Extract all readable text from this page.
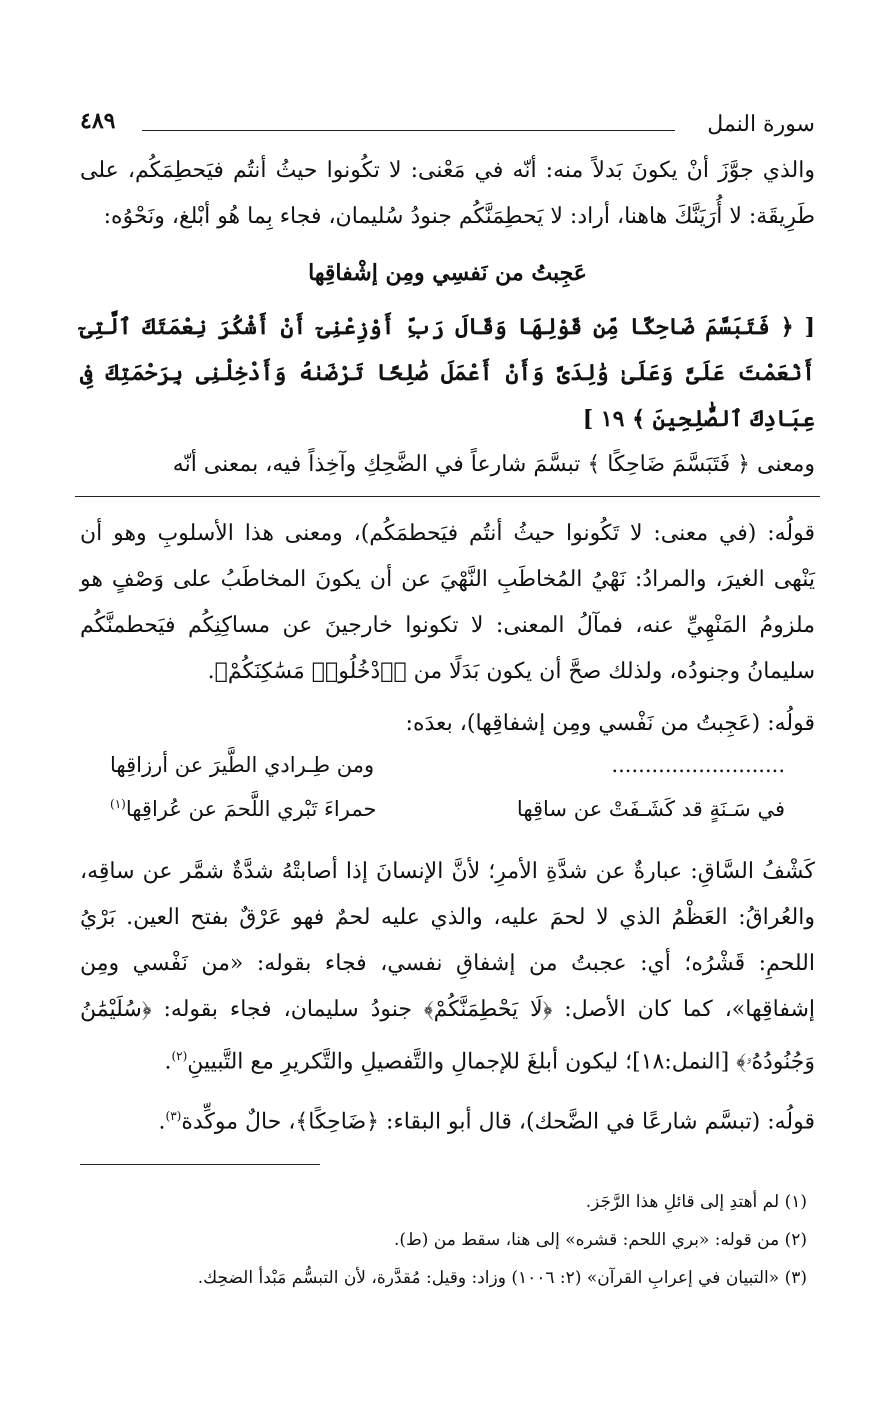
سورة النمل
٤٨٩

والذي جوَّزَ أنْ يكونَ بَدلاً منه: أنّه في مَعْنى: لا تكُونوا حيثُ أنتُم فيَحطِمَكُم، على طَرِيقَة: لا أُرَيَنَّكَ هاهنا، أراد: لا يَحطِمَنَّكُم جنودُ سُليمان، فجاء بِما هُو أبْلغ، ونَحْوُه:

عَجِبتُ من نَفسِي ومِن إشْفاقِها

[ ﴿ فَتَبَسَّمَ ضَاحِكًا مِّن قَوْلِهَا وَقَالَ رَبِّ أَوْزِعْنِىٓ أَنْ أَشْكُرَ نِعْمَتَكَ ٱلَّتِىٓ أَنْعَمْتَ عَلَىَّ وَعَلَىٰ وَٰلِدَىَّ وَأَنْ أَعْمَلَ صَٰلِحًا تَرْضَىٰهُ وَأَدْخِلْنِى بِرَحْمَتِكَ فِى عِبَادِكَ ٱلصَّٰلِحِينَ ﴾ ١٩ ]

ومعنى ﴿ فَتَبَسَّمَ ضَاحِكًا ﴾ تبسَّمَ شارعاً في الضَّحِكِ وآخِذاً فيه، بمعنى أنّه

قولُه: (في معنى: لا تَكُونوا حيثُ أنتُم فيَحطمَكُم)، ومعنى هذا الأسلوبِ وهو أن يَنْهى الغيرَ، والمرادُ: نَهْيُ المُخاطَبِ النَّهْيَ عن أن يكونَ المخاطَبُ على وَصْفٍ هو ملزومُ المَنْهِيِّ عنه، فمآلُ المعنى: لا تكونوا خارجينَ عن مساكِنِكُم فيَحطمنَّكُم سليمانُ وجنودُه، ولذلك صحَّ أن يكون بَدَلًا من ﴿ٱدْخُلُوا۟ مَسَٰكِنَكُمْ﴾.

قولُه: (عَجِبتُ من نَفْسي ومِن إشفاقِها)، بعدَه:

..........................
ومن طِـرادي الطَّيرَ عن أرزاقِها
في سَـنَةٍ قد كَشَـفَتْ عن ساقِها
حمراءَ تَبْري اللَّحمَ عن عُراقِها$^{(١)}$

كَشْفُ السَّاقِ: عبارةٌ عن شدَّةِ الأمرِ؛ لأنَّ الإنسانَ إذا أصابتْهُ شدَّةٌ شمَّر عن ساقِه، والعُراقُ: العَظْمُ الذي لا لحمَ عليه، والذي عليه لحمٌ فهو عَرْقٌ بفتح العين. بَرْيُ اللحمِ: قَشْرُه؛ أي: عجبتُ من إشفاقِ نفسي، فجاء بقوله: «من نَفْسي ومِن إشفاقِها»، كما كان الأصل: ﴿لَا يَحْطِمَنَّكُمْ﴾ جنودُ سليمان، فجاء بقوله: ﴿سُلَيْمَٰنُ وَجُنُودُهُۥ﴾ [النمل:١٨]؛ ليكون أبلغَ للإجمالِ والتَّفصيلِ والتَّكريرِ مع التَّبيينِ$^{(٢)}$.

قولُه: (تبسَّم شارعًا في الضَّحك)، قال أبو البقاء: ﴿ضَاحِكًا﴾، حالٌ موكِّدة$^{(٣)}$.

(١) لم أهتدِ إلى قائلِ هذا الرَّجَز.

(٢) من قوله: «بري اللحم: قشره» إلى هنا، سقط من (ط).

(٣) «التبيان في إعرابِ القرآن» (٢: ١٠٠٦) وزاد: وقيل: مُقدَّرة، لأن التبسُّم مَبْدأ الضحِك.
